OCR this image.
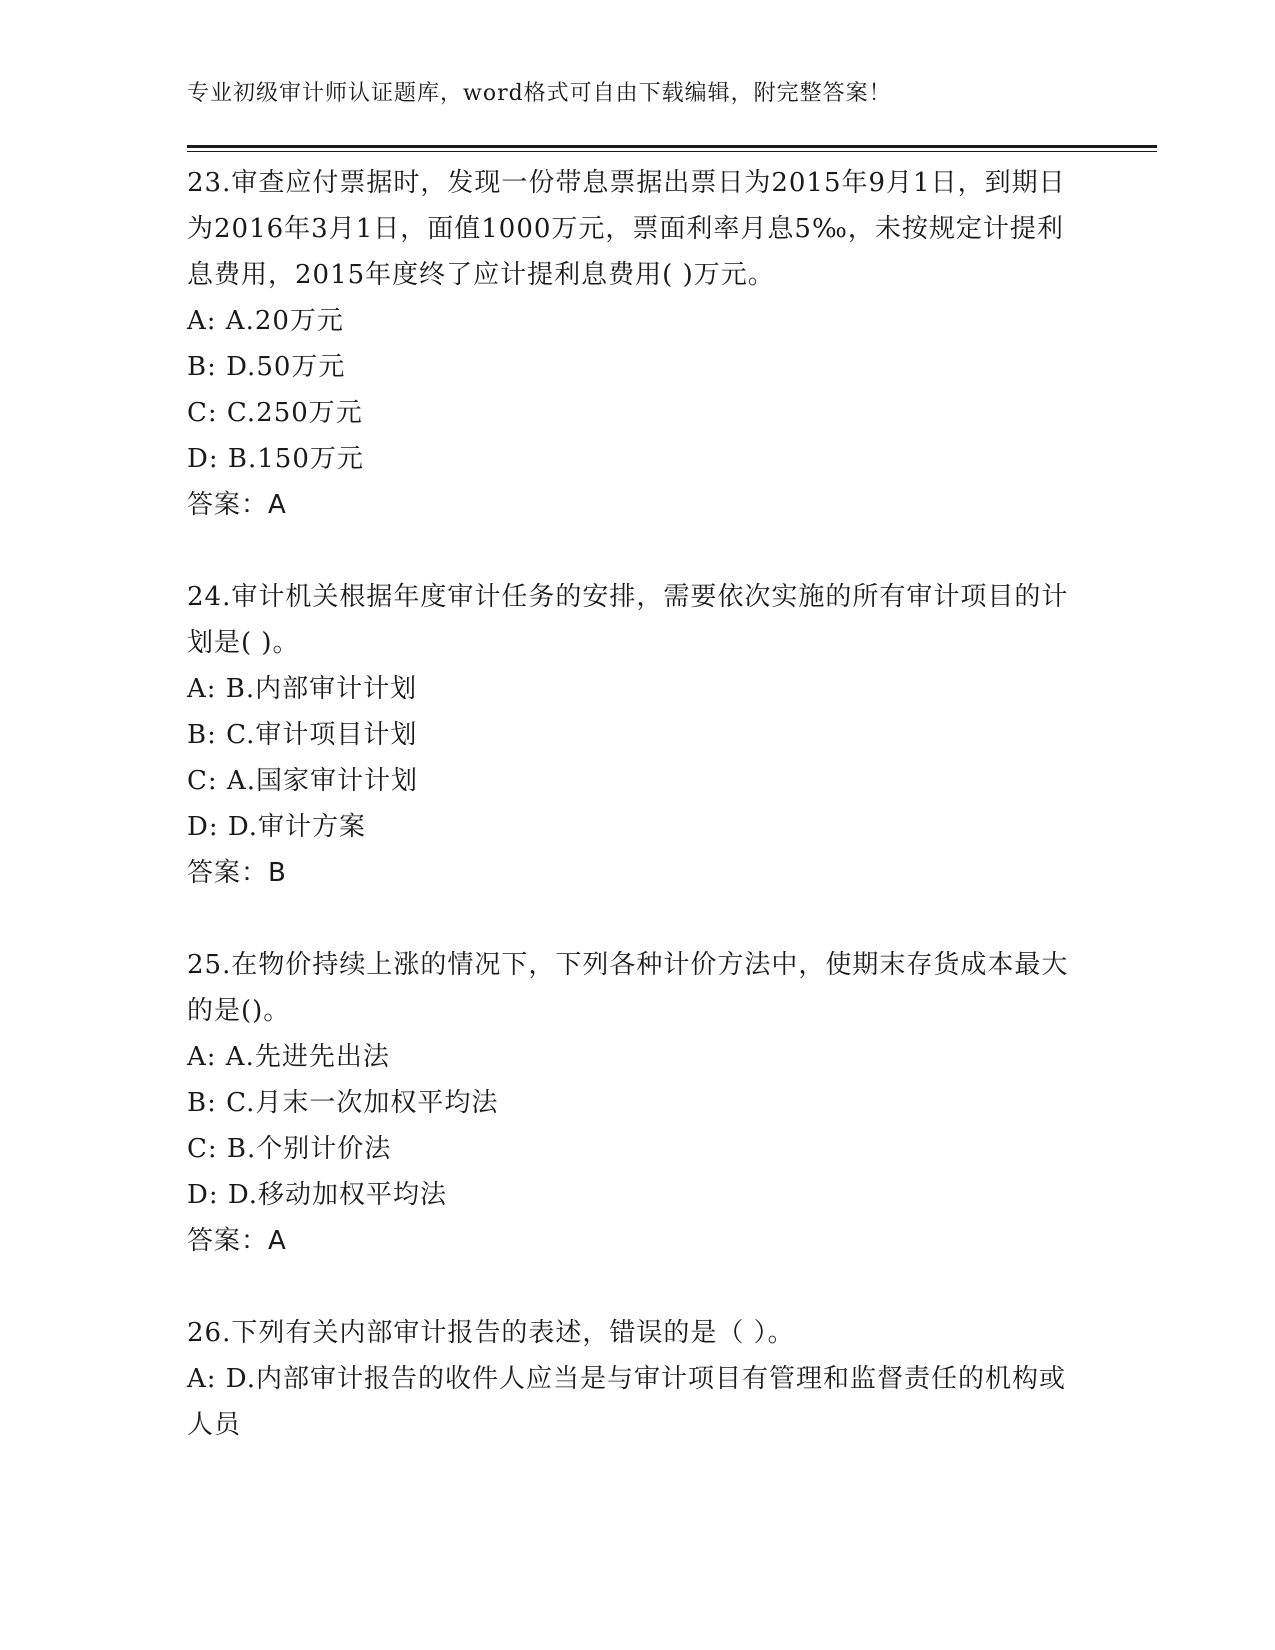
专业初级审计师认证题库，word格式可自由下载编辑，附完整答案！

23.审查应付票据时，发现一份带息票据出票日为2015年9月1日，到期日为2016年3月1日，面值1000万元，票面利率月息5‰，未按规定计提利息费用，2015年度终了应计提利息费用( )万元。

A: A.20万元

B: D.50万元

C: C.250万元

D: B.150万元

答案：A

24.审计机关根据年度审计任务的安排，需要依次实施的所有审计项目的计划是( )。

A: B.内部审计计划

B: C.审计项目计划

C: A.国家审计计划

D: D.审计方案

答案：B

25.在物价持续上涨的情况下，下列各种计价方法中，使期末存货成本最大的是()。

A: A.先进先出法

B: C.月末一次加权平均法

C: B.个别计价法

D: D.移动加权平均法

答案：A

26.下列有关内部审计报告的表述，错误的是（ ）。

A: D.内部审计报告的收件人应当是与审计项目有管理和监督责任的机构或人员
